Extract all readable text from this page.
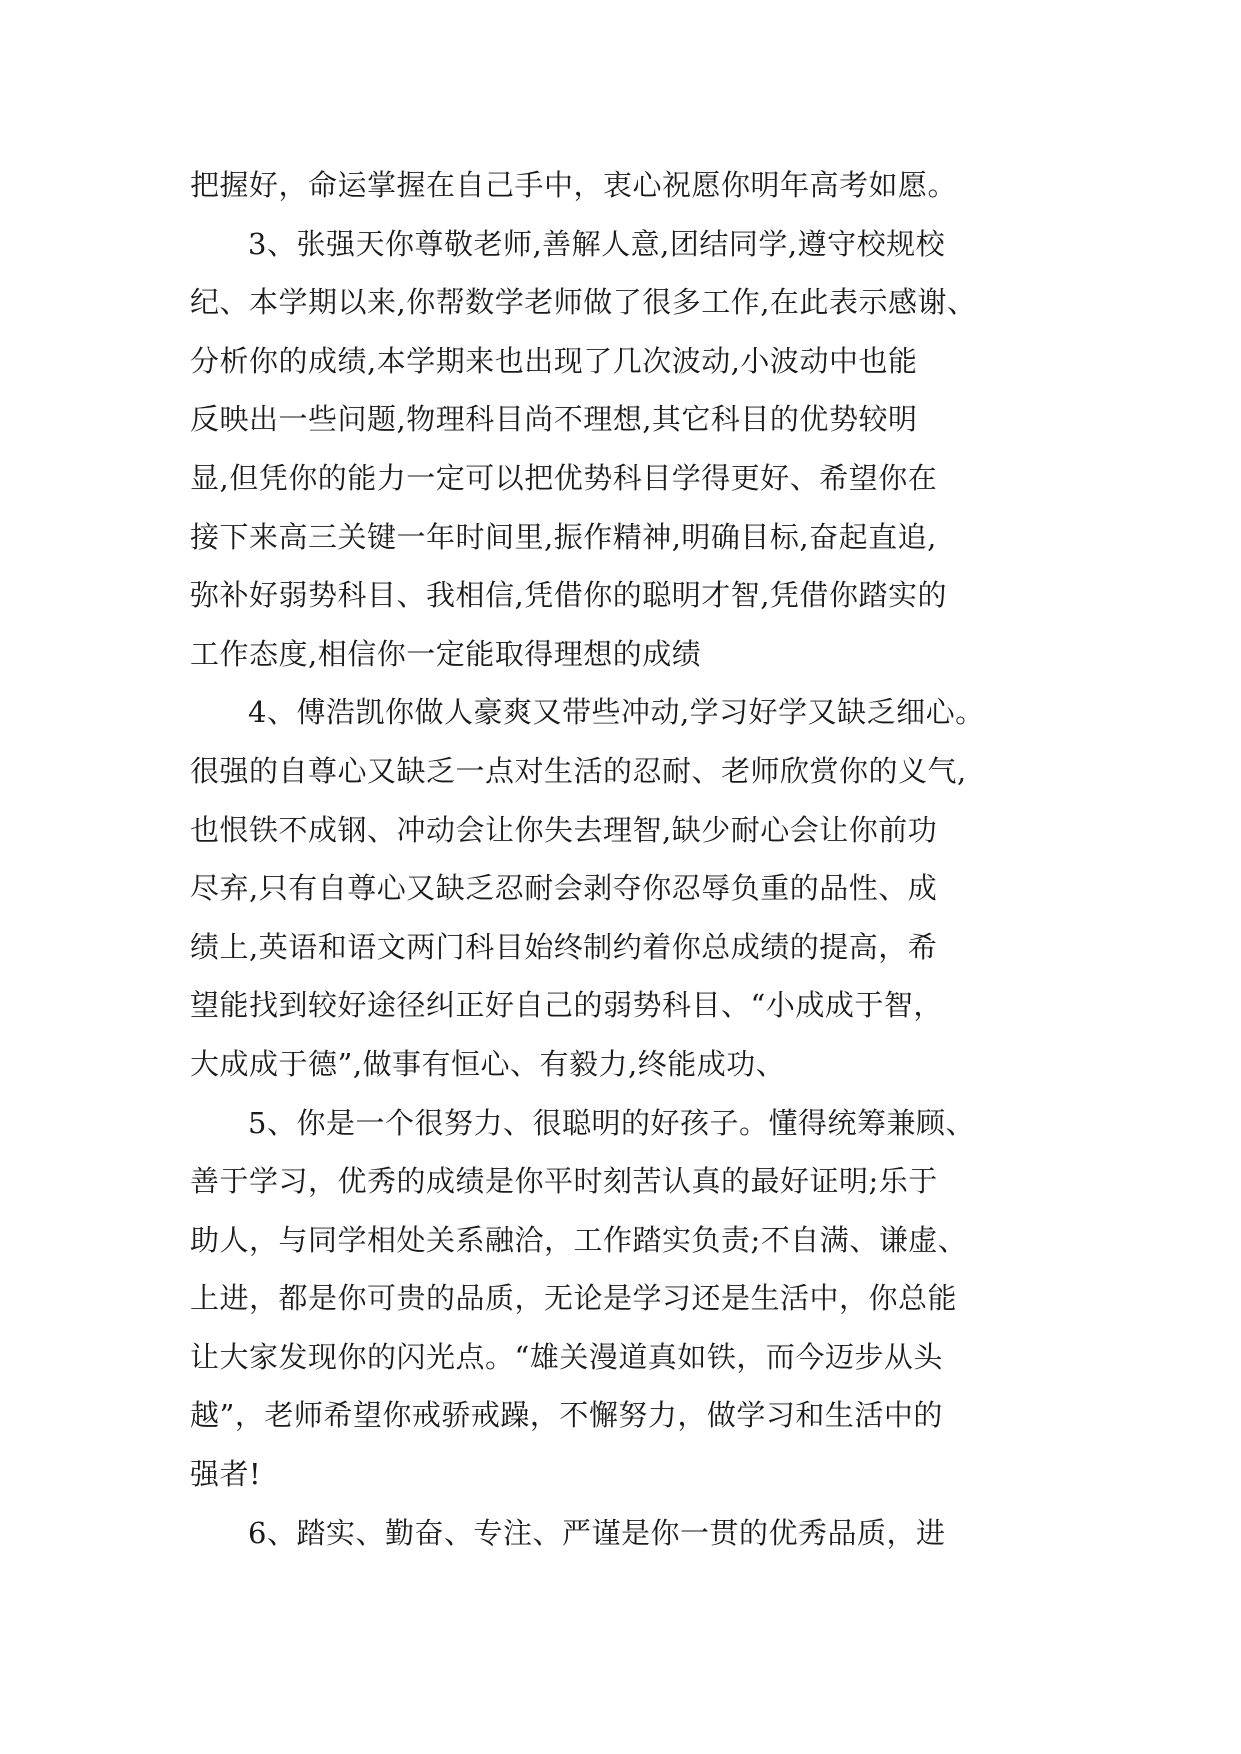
把握好，命运掌握在自己手中，衷心祝愿你明年高考如愿。
3、张强天你尊敬老师,善解人意,团结同学,遵守校规校
纪、本学期以来,你帮数学老师做了很多工作,在此表示感谢、
分析你的成绩,本学期来也出现了几次波动,小波动中也能
反映出一些问题,物理科目尚不理想,其它科目的优势较明
显,但凭你的能力一定可以把优势科目学得更好、希望你在
接下来高三关键一年时间里,振作精神,明确目标,奋起直追,
弥补好弱势科目、我相信,凭借你的聪明才智,凭借你踏实的
工作态度,相信你一定能取得理想的成绩
4、傅浩凯你做人豪爽又带些冲动,学习好学又缺乏细心。
很强的自尊心又缺乏一点对生活的忍耐、老师欣赏你的义气,
也恨铁不成钢、冲动会让你失去理智,缺少耐心会让你前功
尽弃,只有自尊心又缺乏忍耐会剥夺你忍辱负重的品性、成
绩上,英语和语文两门科目始终制约着你总成绩的提高，希
望能找到较好途径纠正好自己的弱势科目、“小成成于智，
大成成于德”,做事有恒心、有毅力,终能成功、
5、你是一个很努力、很聪明的好孩子。懂得统筹兼顾、
善于学习，优秀的成绩是你平时刻苦认真的最好证明;乐于
助人，与同学相处关系融洽，工作踏实负责;不自满、谦虚、
上进，都是你可贵的品质，无论是学习还是生活中，你总能
让大家发现你的闪光点。“雄关漫道真如铁，而今迈步从头
越”，老师希望你戒骄戒躁，不懈努力，做学习和生活中的
强者!
6、踏实、勤奋、专注、严谨是你一贯的优秀品质，进
